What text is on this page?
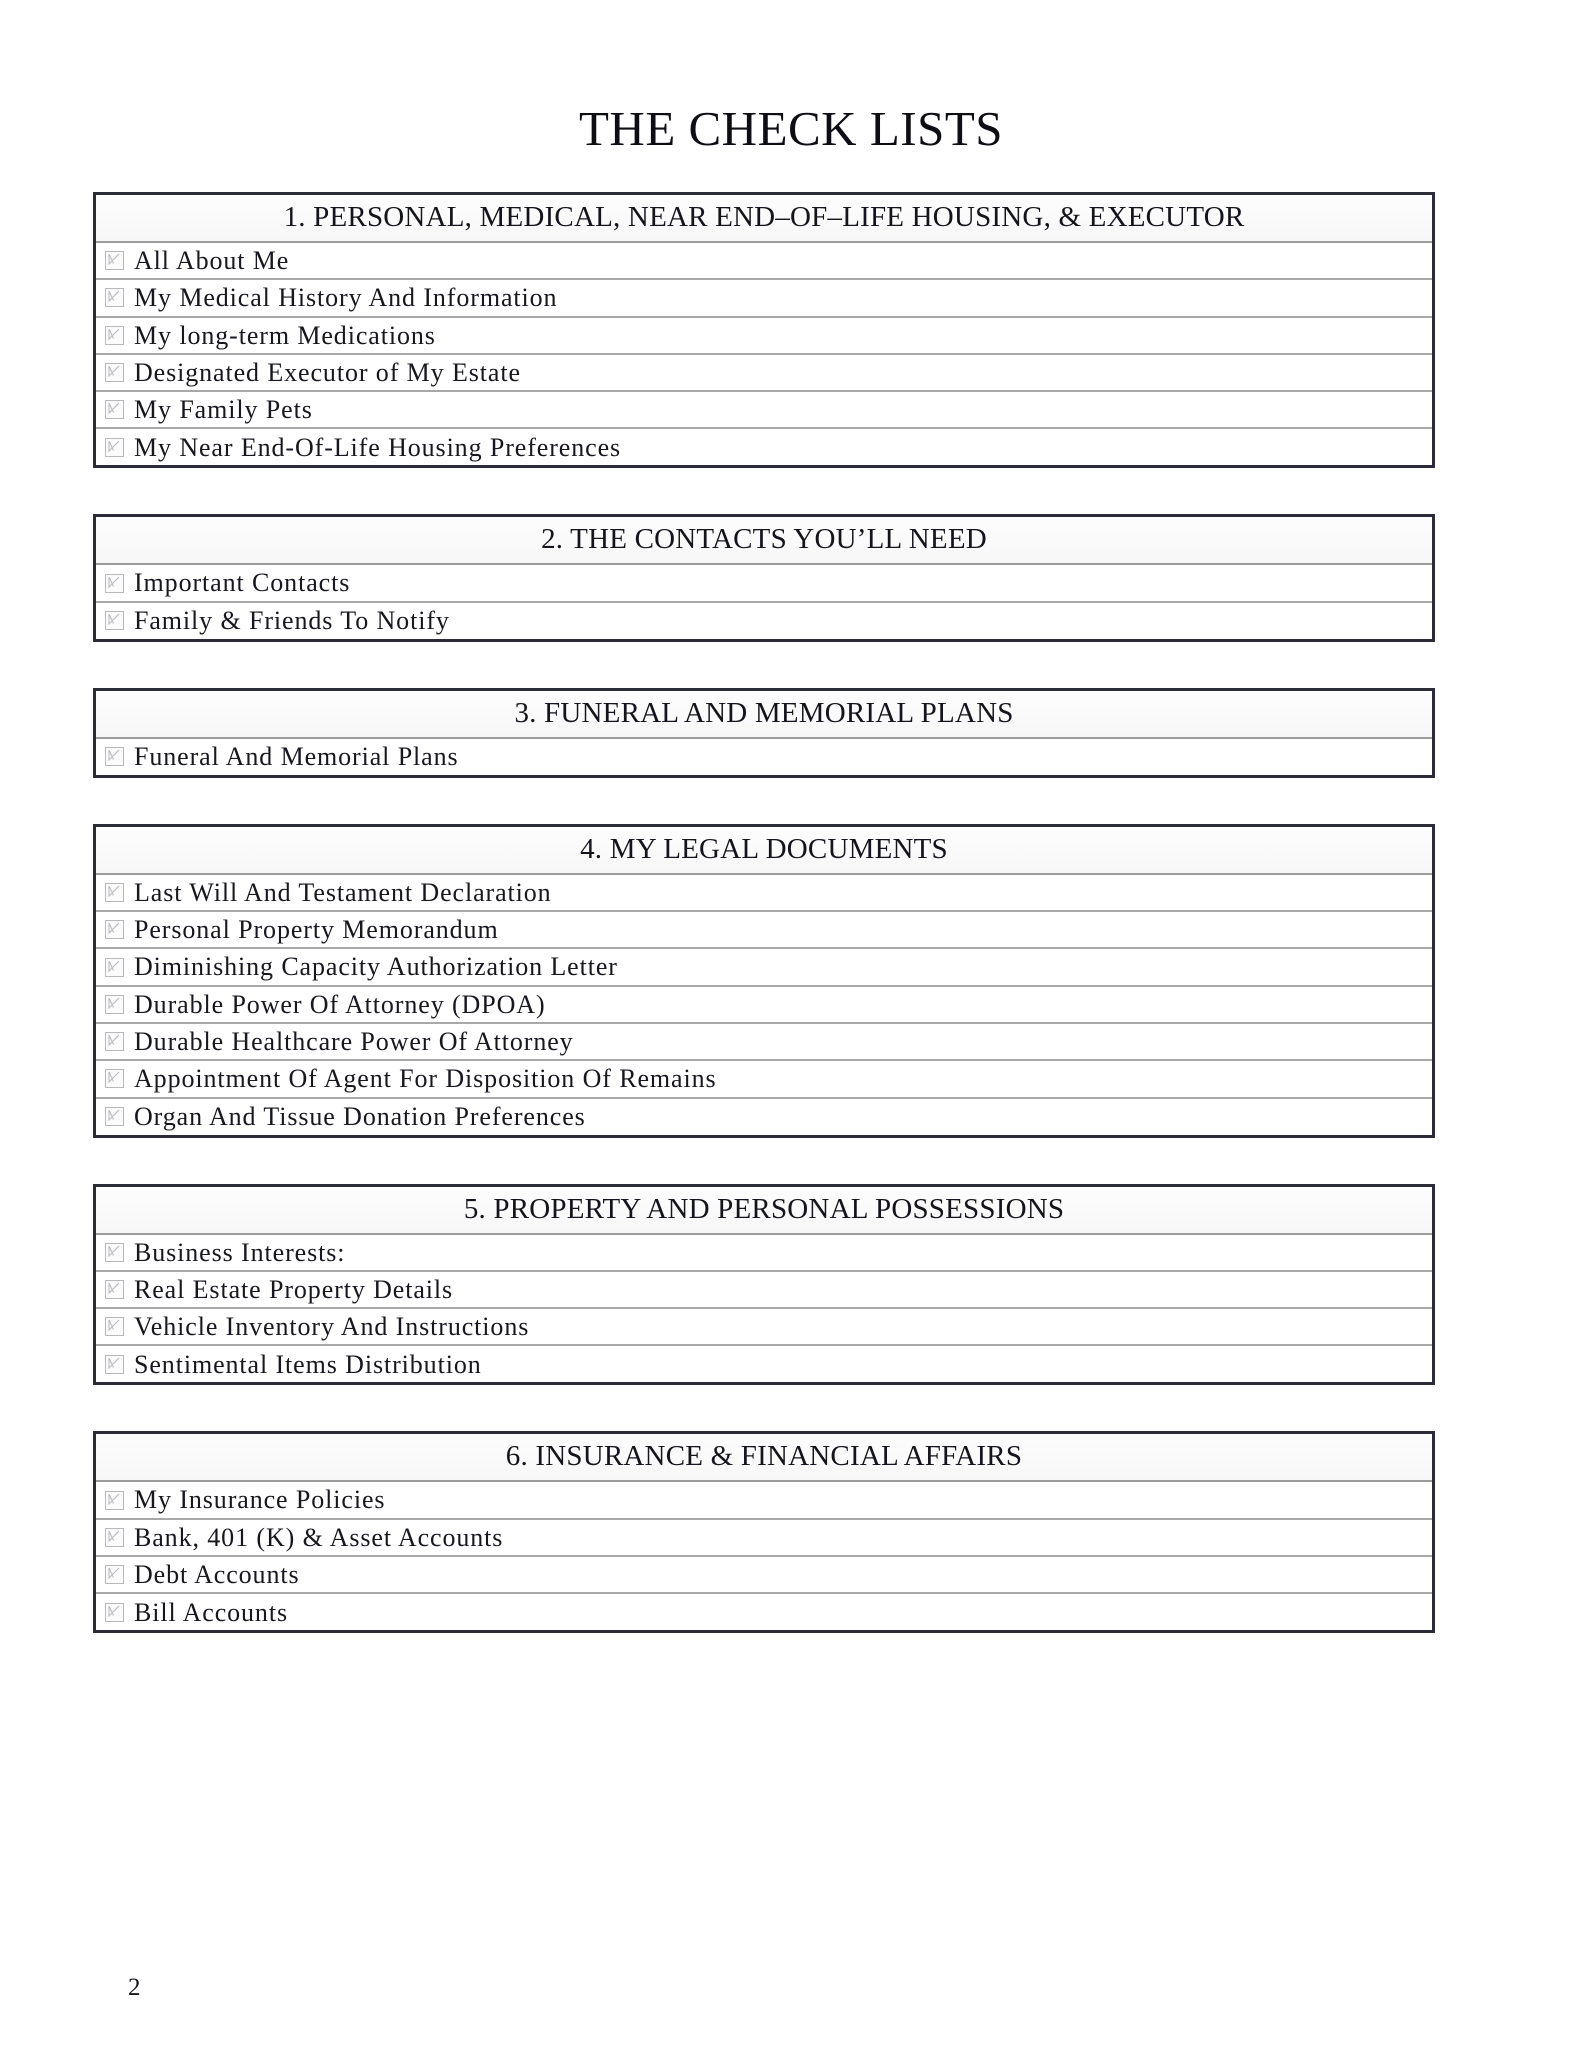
THE CHECK LISTS
1. PERSONAL, MEDICAL, NEAR END–OF–LIFE HOUSING, & EXECUTOR
All About Me
My Medical History And Information
My long-term Medications
Designated Executor of My Estate
My Family Pets
My Near End-Of-Life Housing Preferences
2. THE CONTACTS YOU’LL NEED
Important Contacts
Family & Friends To Notify
3. FUNERAL AND MEMORIAL PLANS
Funeral And Memorial Plans
4. MY LEGAL DOCUMENTS
Last Will And Testament Declaration
Personal Property Memorandum
Diminishing Capacity Authorization Letter
Durable Power Of Attorney (DPOA)
Durable Healthcare Power Of Attorney
Appointment Of Agent For Disposition Of Remains
Organ And Tissue Donation Preferences
5. PROPERTY AND PERSONAL POSSESSIONS
Business Interests:
Real Estate Property Details
Vehicle Inventory And Instructions
Sentimental Items Distribution
6. INSURANCE & FINANCIAL AFFAIRS
My Insurance Policies
Bank, 401 (K) & Asset Accounts
Debt Accounts
Bill Accounts
2
